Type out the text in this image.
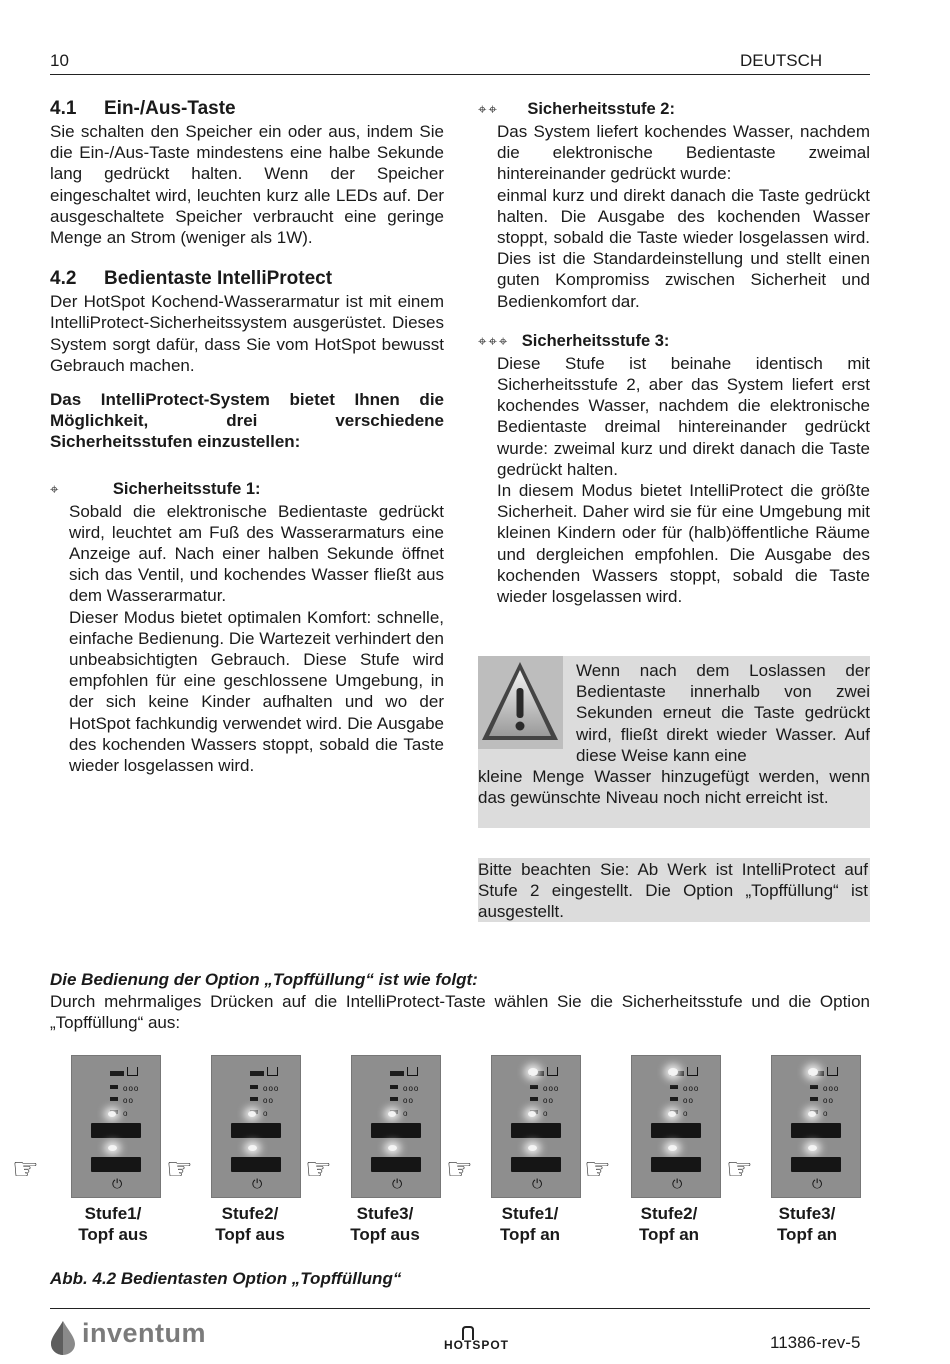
10	DEUTSCH
4.1 Ein-/Aus-Taste

Sie schalten den Speicher ein oder aus, indem Sie die Ein-/Aus-Taste mindestens eine halbe Sekunde lang gedrückt halten. Wenn der Speicher eingeschaltet wird, leuchten kurz alle LEDs auf. Der ausgeschaltete Speicher verbraucht eine geringe Menge an Strom (weniger als 1W).

4.2 Bedientaste IntelliProtect

Der HotSpot Kochend-Wasserarmatur ist mit einem IntelliProtect-Sicherheitssystem ausgerüstet. Dieses System sorgt dafür, dass Sie vom HotSpot bewusst Gebrauch machen.

Das IntelliProtect-System bietet Ihnen die Möglichkeit, drei verschiedene Sicherheitsstufen einzustellen:

⌖	Sicherheitsstufe 1:

Sobald die elektronische Bedientaste gedrückt wird, leuchtet am Fuß des Wasserarmaturs eine Anzeige auf. Nach einer halben Sekunde öffnet sich das Ventil, und kochendes Wasser fließt aus dem Wasserarmatur.

Dieser Modus bietet optimalen Komfort: schnelle, einfache Bedienung. Die Wartezeit verhindert den unbeabsichtigten Gebrauch. Diese Stufe wird empfohlen für eine geschlossene Umgebung, in der sich keine Kinder aufhalten und wo der HotSpot fachkundig verwendet wird. Die Ausgabe des kochenden Wassers stoppt, sobald die Taste wieder losgelassen wird.

⌖⌖ Sicherheitsstufe 2:

Das System liefert kochendes Wasser, nachdem die elektronische Bedientaste zweimal hintereinander gedrückt wurde:

einmal kurz und direkt danach die Taste gedrückt halten. Die Ausgabe des kochenden Wasser stoppt, sobald die Taste wieder losgelassen wird. Dies ist die Standardeinstellung und stellt einen guten Kompromiss zwischen Sicherheit und Bedienkomfort dar.

⌖⌖⌖ Sicherheitsstufe 3:

Diese Stufe ist beinahe identisch mit Sicherheitsstufe 2, aber das System liefert erst kochendes Wasser, nachdem die elektronische Bedientaste dreimal hintereinander gedrückt wurde: zweimal kurz und direkt danach die Taste gedrückt halten.

In diesem Modus bietet IntelliProtect die größte Sicherheit. Daher wird sie für eine Umgebung mit kleinen Kindern oder für (halb)öffentliche Räume und dergleichen empfohlen. Die Ausgabe des kochenden Wassers stoppt, sobald die Taste wieder losgelassen wird.

Wenn nach dem Loslassen der Bedientaste innerhalb von zwei Sekunden erneut die Taste gedrückt wird, fließt direkt wieder Wasser. Auf diese Weise kann eine

kleine Menge Wasser hinzugefügt werden, wenn das gewünschte Niveau noch nicht erreicht ist.

Bitte beachten Sie: Ab Werk ist IntelliProtect auf Stufe 2 eingestellt. Die Option „Topffüllung“ ist ausgestellt.

Die Bedienung der Option „Topffüllung“ ist wie folgt:

Durch mehrmaliges Drücken auf die IntelliProtect-Taste wählen Sie die Sicherheitsstufe und die Option „Topffüllung“ aus:

☞	☞	☞	☞	☞	☞
ooo
oo
o
⏻
ooo
oo
o
⏻
ooo
oo
o
⏻
ooo
oo
o
⏻
ooo
oo
o
⏻
ooo
oo
o
⏻
Stufe1/
Topf aus
Stufe2/
Topf aus
Stufe3/
Topf aus
Stufe1/
Topf an
Stufe2/
Topf an
Stufe3/
Topf an
Abb. 4.2 Bedientasten Option „Topffüllung“
inventum	HOTSPOT	11386-rev-5
